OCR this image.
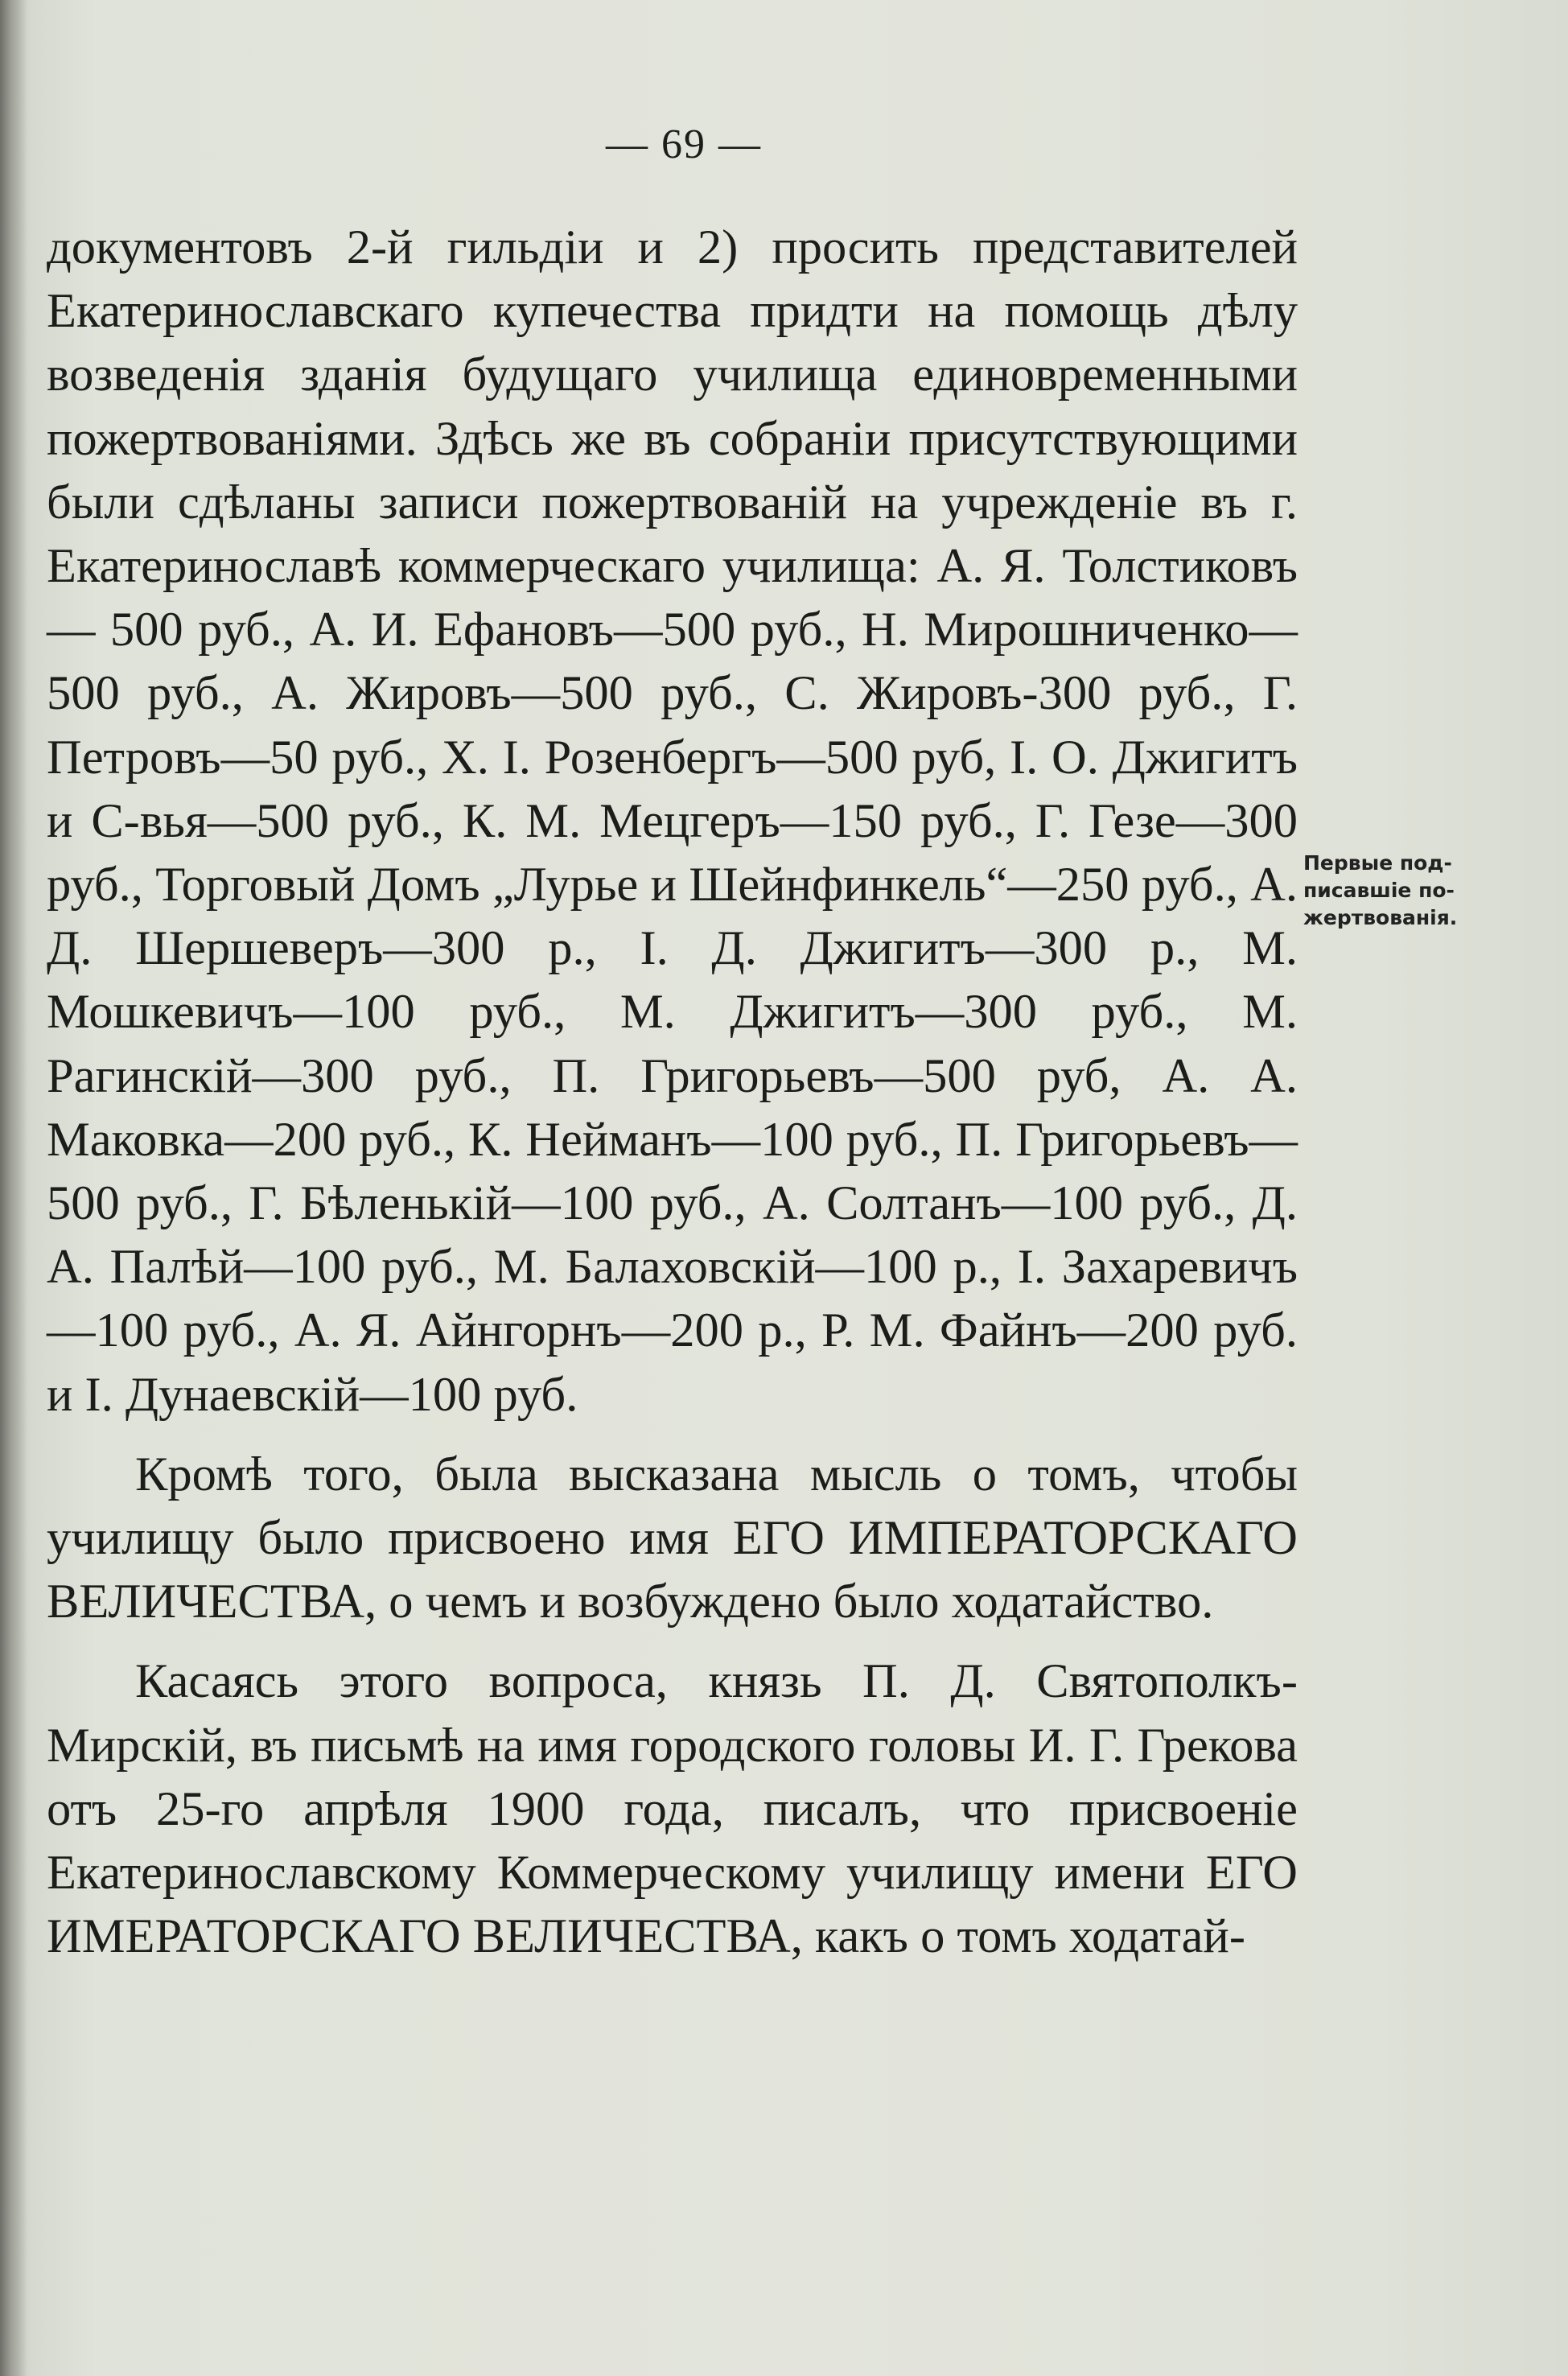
— 69 —

документовъ 2-й гильдіи и 2) просить представителей Екатеринославскаго купечества придти на помощь дѣлу возведенія зданія будущаго училища единовременными пожертвованіями. Здѣсь же въ собраніи присутствующими были сдѣланы записи пожертвованій на учрежденіе въ г. Екатеринославѣ коммерческаго училища: А. Я. Толстиковъ— 500 руб., А. И. Ефановъ—500 руб., Н. Мирошниченко—500 руб., А. Жировъ—500 руб., С. Жировъ-300 руб., Г. Петровъ—50 руб., Х. І. Розенбергъ—500 руб, І. О. Джигитъ и С-вья—500 руб., К. М. Мецгеръ—150 руб., Г. Гезе—300 руб., Торговый Домъ „Лурье и Шейнфинкель“—250 руб., А. Д. Шершеверъ—300 р., І. Д. Джигитъ—300 р., М. Мошкевичъ—100 руб., М. Джигитъ—300 руб., М. Рагинскій—300 руб., П. Григорьевъ—500 руб, А. А. Маковка—200 руб., К. Нейманъ—100 руб., П. Григорьевъ—500 руб., Г. Бѣленькій—100 руб., А. Солтанъ—100 руб., Д. А. Палѣй—100 руб., М. Балаховскій—100 р., І. Захаревичъ—100 руб., А. Я. Айнгорнъ—200 р., Р. М. Файнъ—200 руб. и І. Дунаевскій—100 руб.

Кромѣ того, была высказана мысль о томъ, чтобы училищу было присвоено имя ЕГО ИМПЕРАТОРСКАГО ВЕЛИЧЕСТВА, о чемъ и возбуждено было ходатайство.

Касаясь этого вопроса, князь П. Д. Святополкъ-Мирскій, въ письмѣ на имя городского головы И. Г. Грекова отъ 25-го апрѣля 1900 года, писалъ, что присвоеніе Екатеринославскому Коммерческому училищу имени ЕГО ИМЕРАТОРСКАГО ВЕЛИЧЕСТВА, какъ о томъ ходатай-

Первые под-писавшіе по-жертвованія.
